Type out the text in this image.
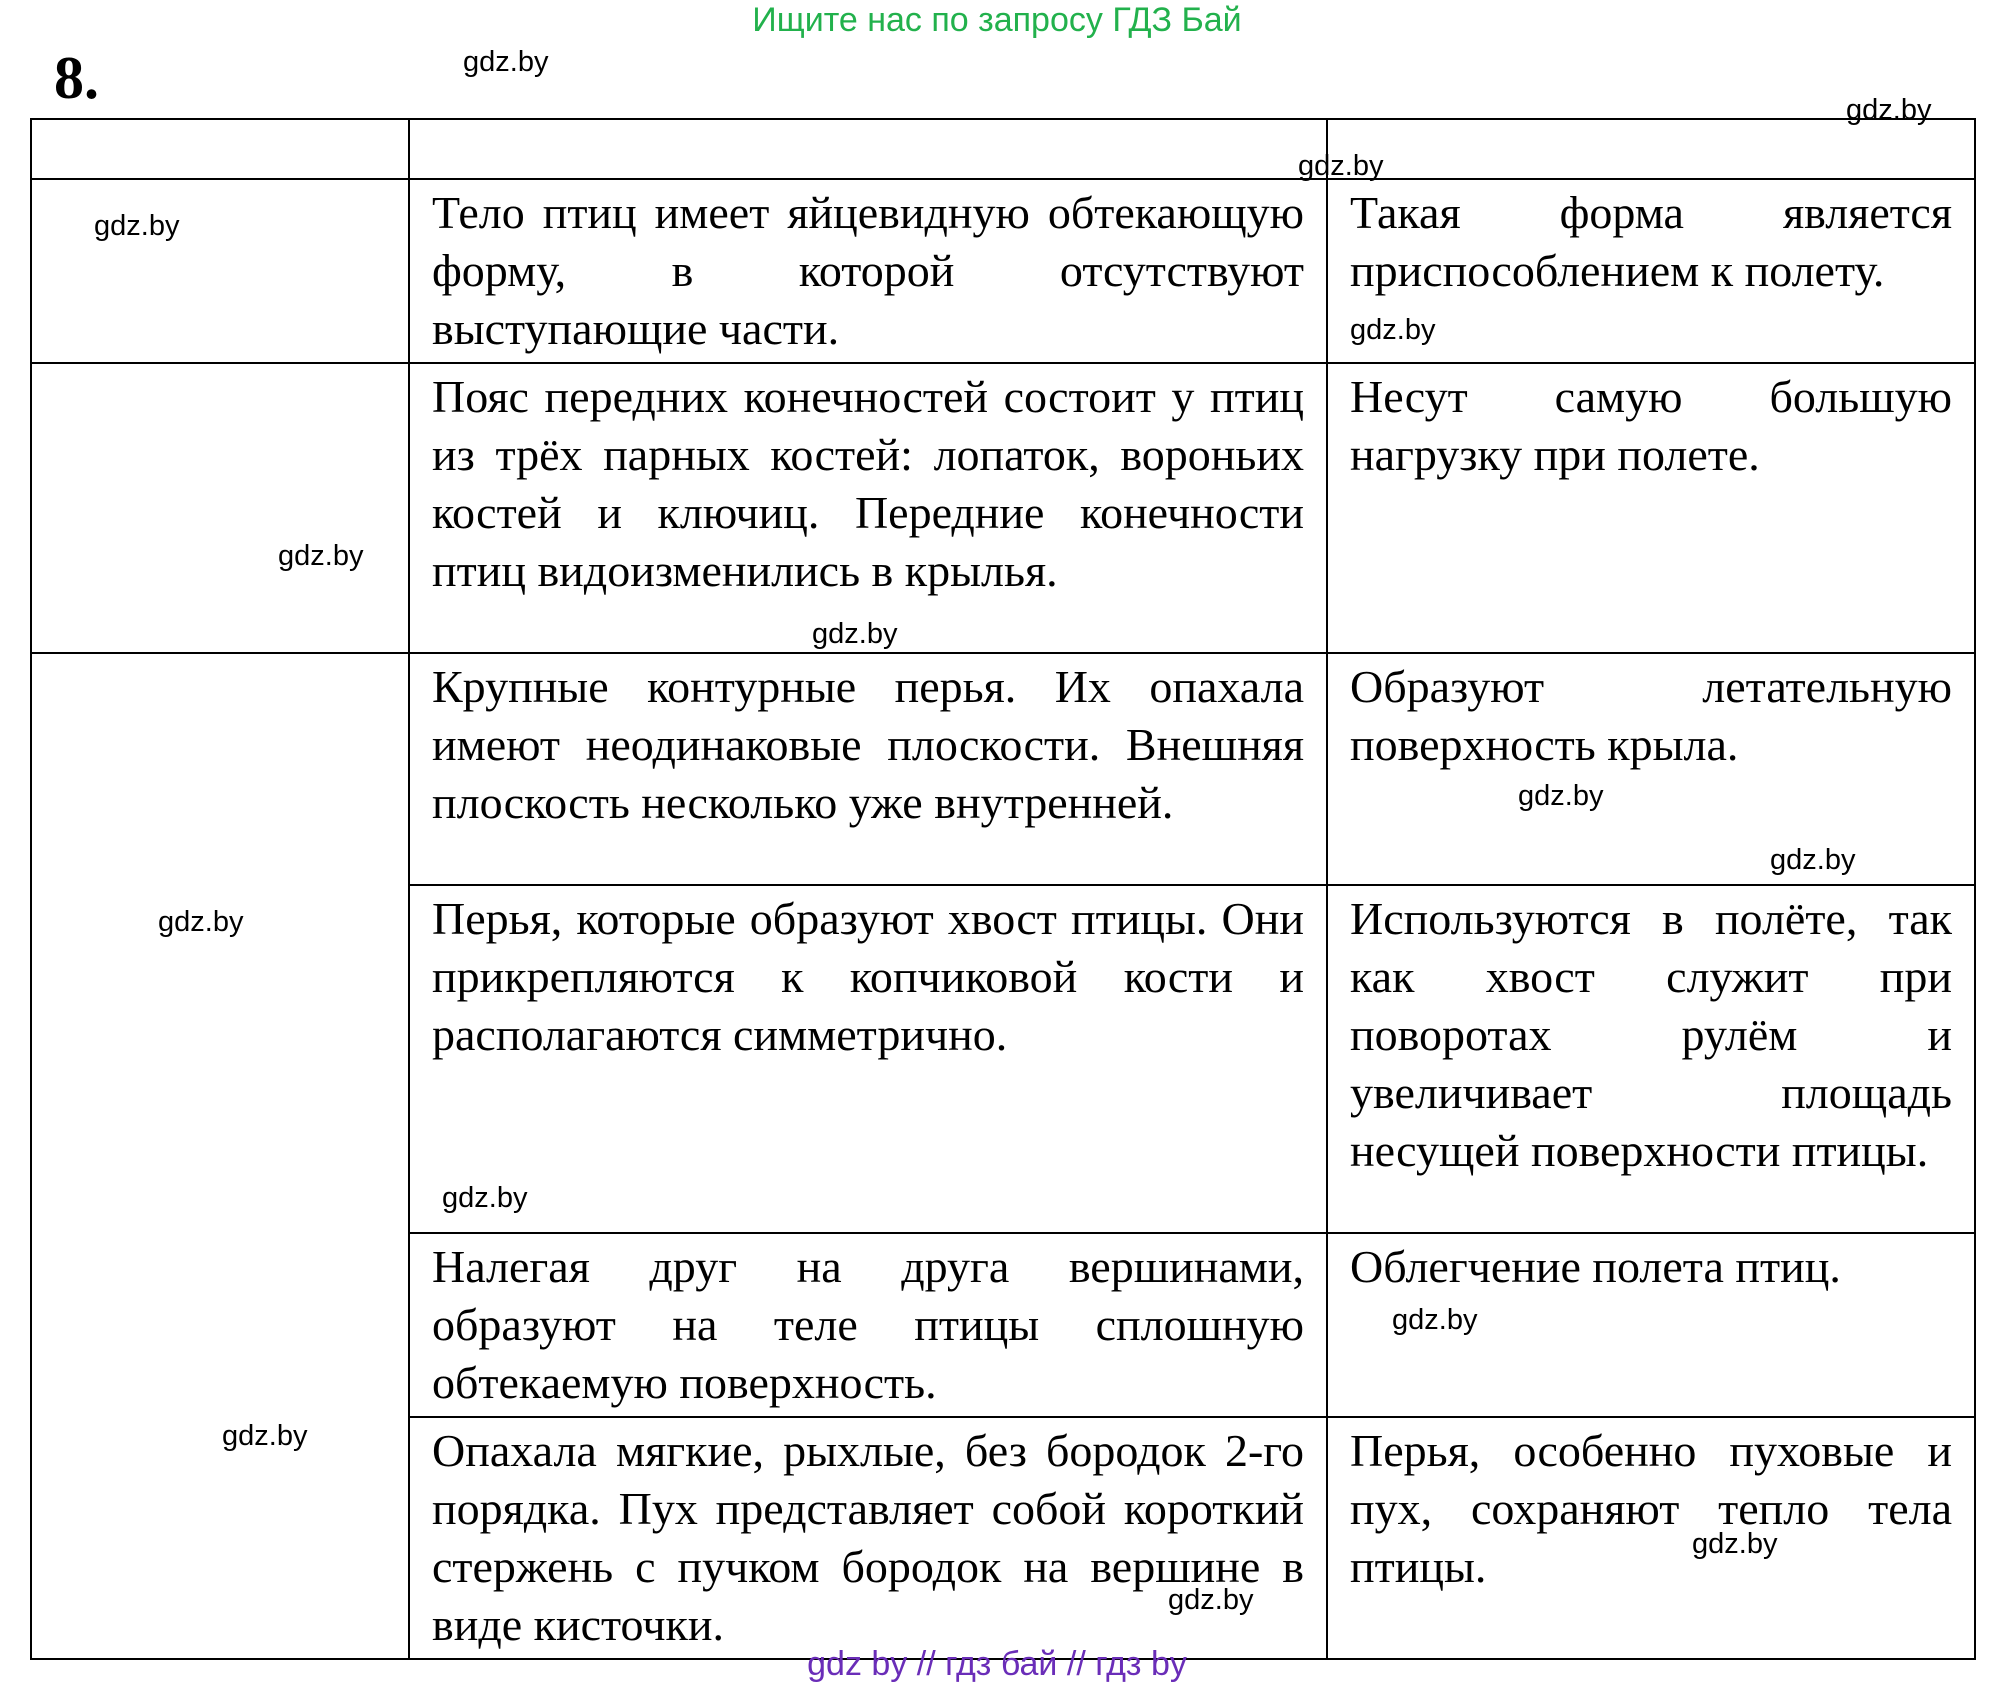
Ищите нас по запросу ГДЗ Бай
8.

	Тело птиц имеет яйцевидную обтекающую форму, в которой отсутствуют выступающие части.	Такая форма является приспособлением к полету.
	Пояс передних конечностей состоит у птиц из трёх парных костей: лопаток, вороньих костей и ключиц. Передние конечности птиц видоизменились в крылья.	Несут самую большую нагрузку при полете.
	Крупные контурные перья. Их опахала имеют неодинаковые плоскости. Внешняя плоскость несколько уже внутренней.	Образуют летательную поверхность крыла.
	Перья, которые образуют хвост птицы. Они прикрепляются к копчиковой кости и располагаются симметрично.	Используются в полёте, так как хвост служит при поворотах рулём и увеличивает площадь несущей поверхности птицы.
	Налегая друг на друга вершинами, образуют на теле птицы сплошную обтекаемую поверхность.	Облегчение полета птиц.
	Опахала мягкие, рыхлые, без бородок 2-го порядка. Пух представляет собой короткий стержень с пучком бородок на вершине в виде кисточки.	Перья, особенно пуховые и пух, сохраняют тепло тела птицы.
gdz.by
gdz.by
gdz.by
gdz.by
gdz.by
gdz.by
gdz.by
gdz.by
gdz.by
gdz.by
gdz.by
gdz.by
gdz.by
gdz.by
gdz.by
gdz by // гдз бай // гдз by
